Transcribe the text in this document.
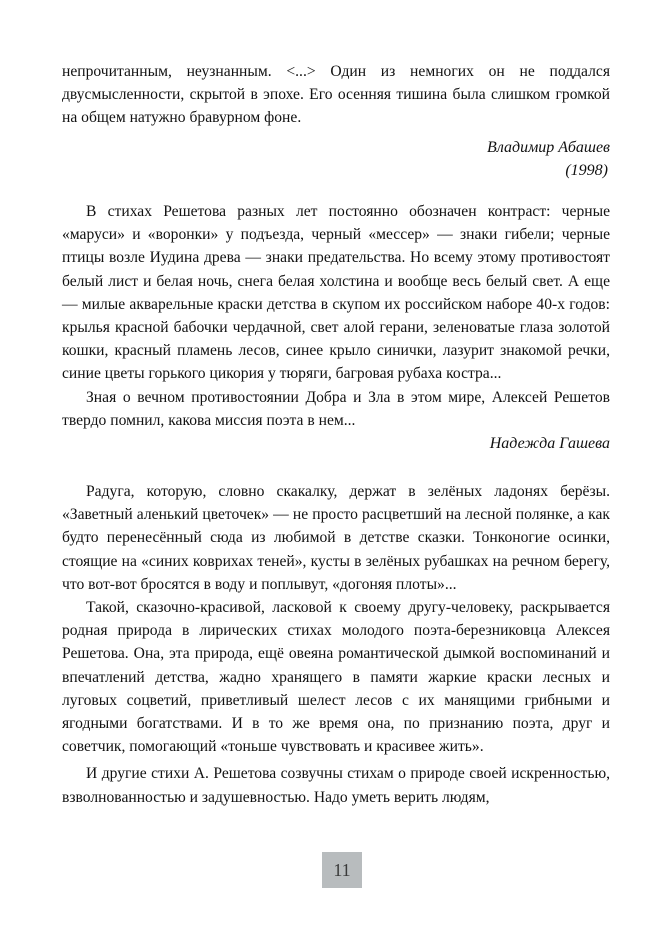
непрочитанным, неузнанным. <...> Один из немногих он не поддался двусмысленности, скрытой в эпохе. Его осенняя тишина была слишком громкой на общем натужно бравурном фоне.

Владимир Абашев

(1998)

В стихах Решетова разных лет постоянно обозначен контраст: черные «маруси» и «воронки» у подъезда, черный «мессер» — знаки гибели; черные птицы возле Иудина древа — знаки предательства. Но всему этому противостоят белый лист и белая ночь, снега белая холстина и вообще весь белый свет. А еще — милые акварельные краски детства в скупом их российском наборе 40-х годов: крылья красной бабочки чердачной, свет алой герани, зеленоватые глаза золотой кошки, красный пламень лесов, синее крыло синички, лазурит знакомой речки, синие цветы горького цикория у тюряги, багровая рубаха костра...

Зная о вечном противостоянии Добра и Зла в этом мире, Алексей Решетов твердо помнил, какова миссия поэта в нем...

Надежда Гашева

Радуга, которую, словно скакалку, держат в зелёных ладонях берёзы. «Заветный аленький цветочек» — не просто расцветший на лесной полянке, а как будто перенесённый сюда из любимой в детстве сказки. Тонконогие осинки, стоящие на «синих коврихах теней», кусты в зелёных рубашках на речном берегу, что вот-вот бросятся в воду и поплывут, «догоняя плоты»...

Такой, сказочно-красивой, ласковой к своему другу-человеку, раскрывается родная природа в лирических стихах молодого поэта-березниковца Алексея Решетова. Она, эта природа, ещё овеяна романтической дымкой воспоминаний и впечатлений детства, жадно хранящего в памяти жаркие краски лесных и луговых соцветий, приветливый шелест лесов с их манящими грибными и ягодными богатствами. И в то же время она, по признанию поэта, друг и советчик, помогающий «тоньше чувствовать и красивее жить».

И другие стихи А. Решетова созвучны стихам о природе своей искренностью, взволнованностью и задушевностью. Надо уметь верить людям,

11
